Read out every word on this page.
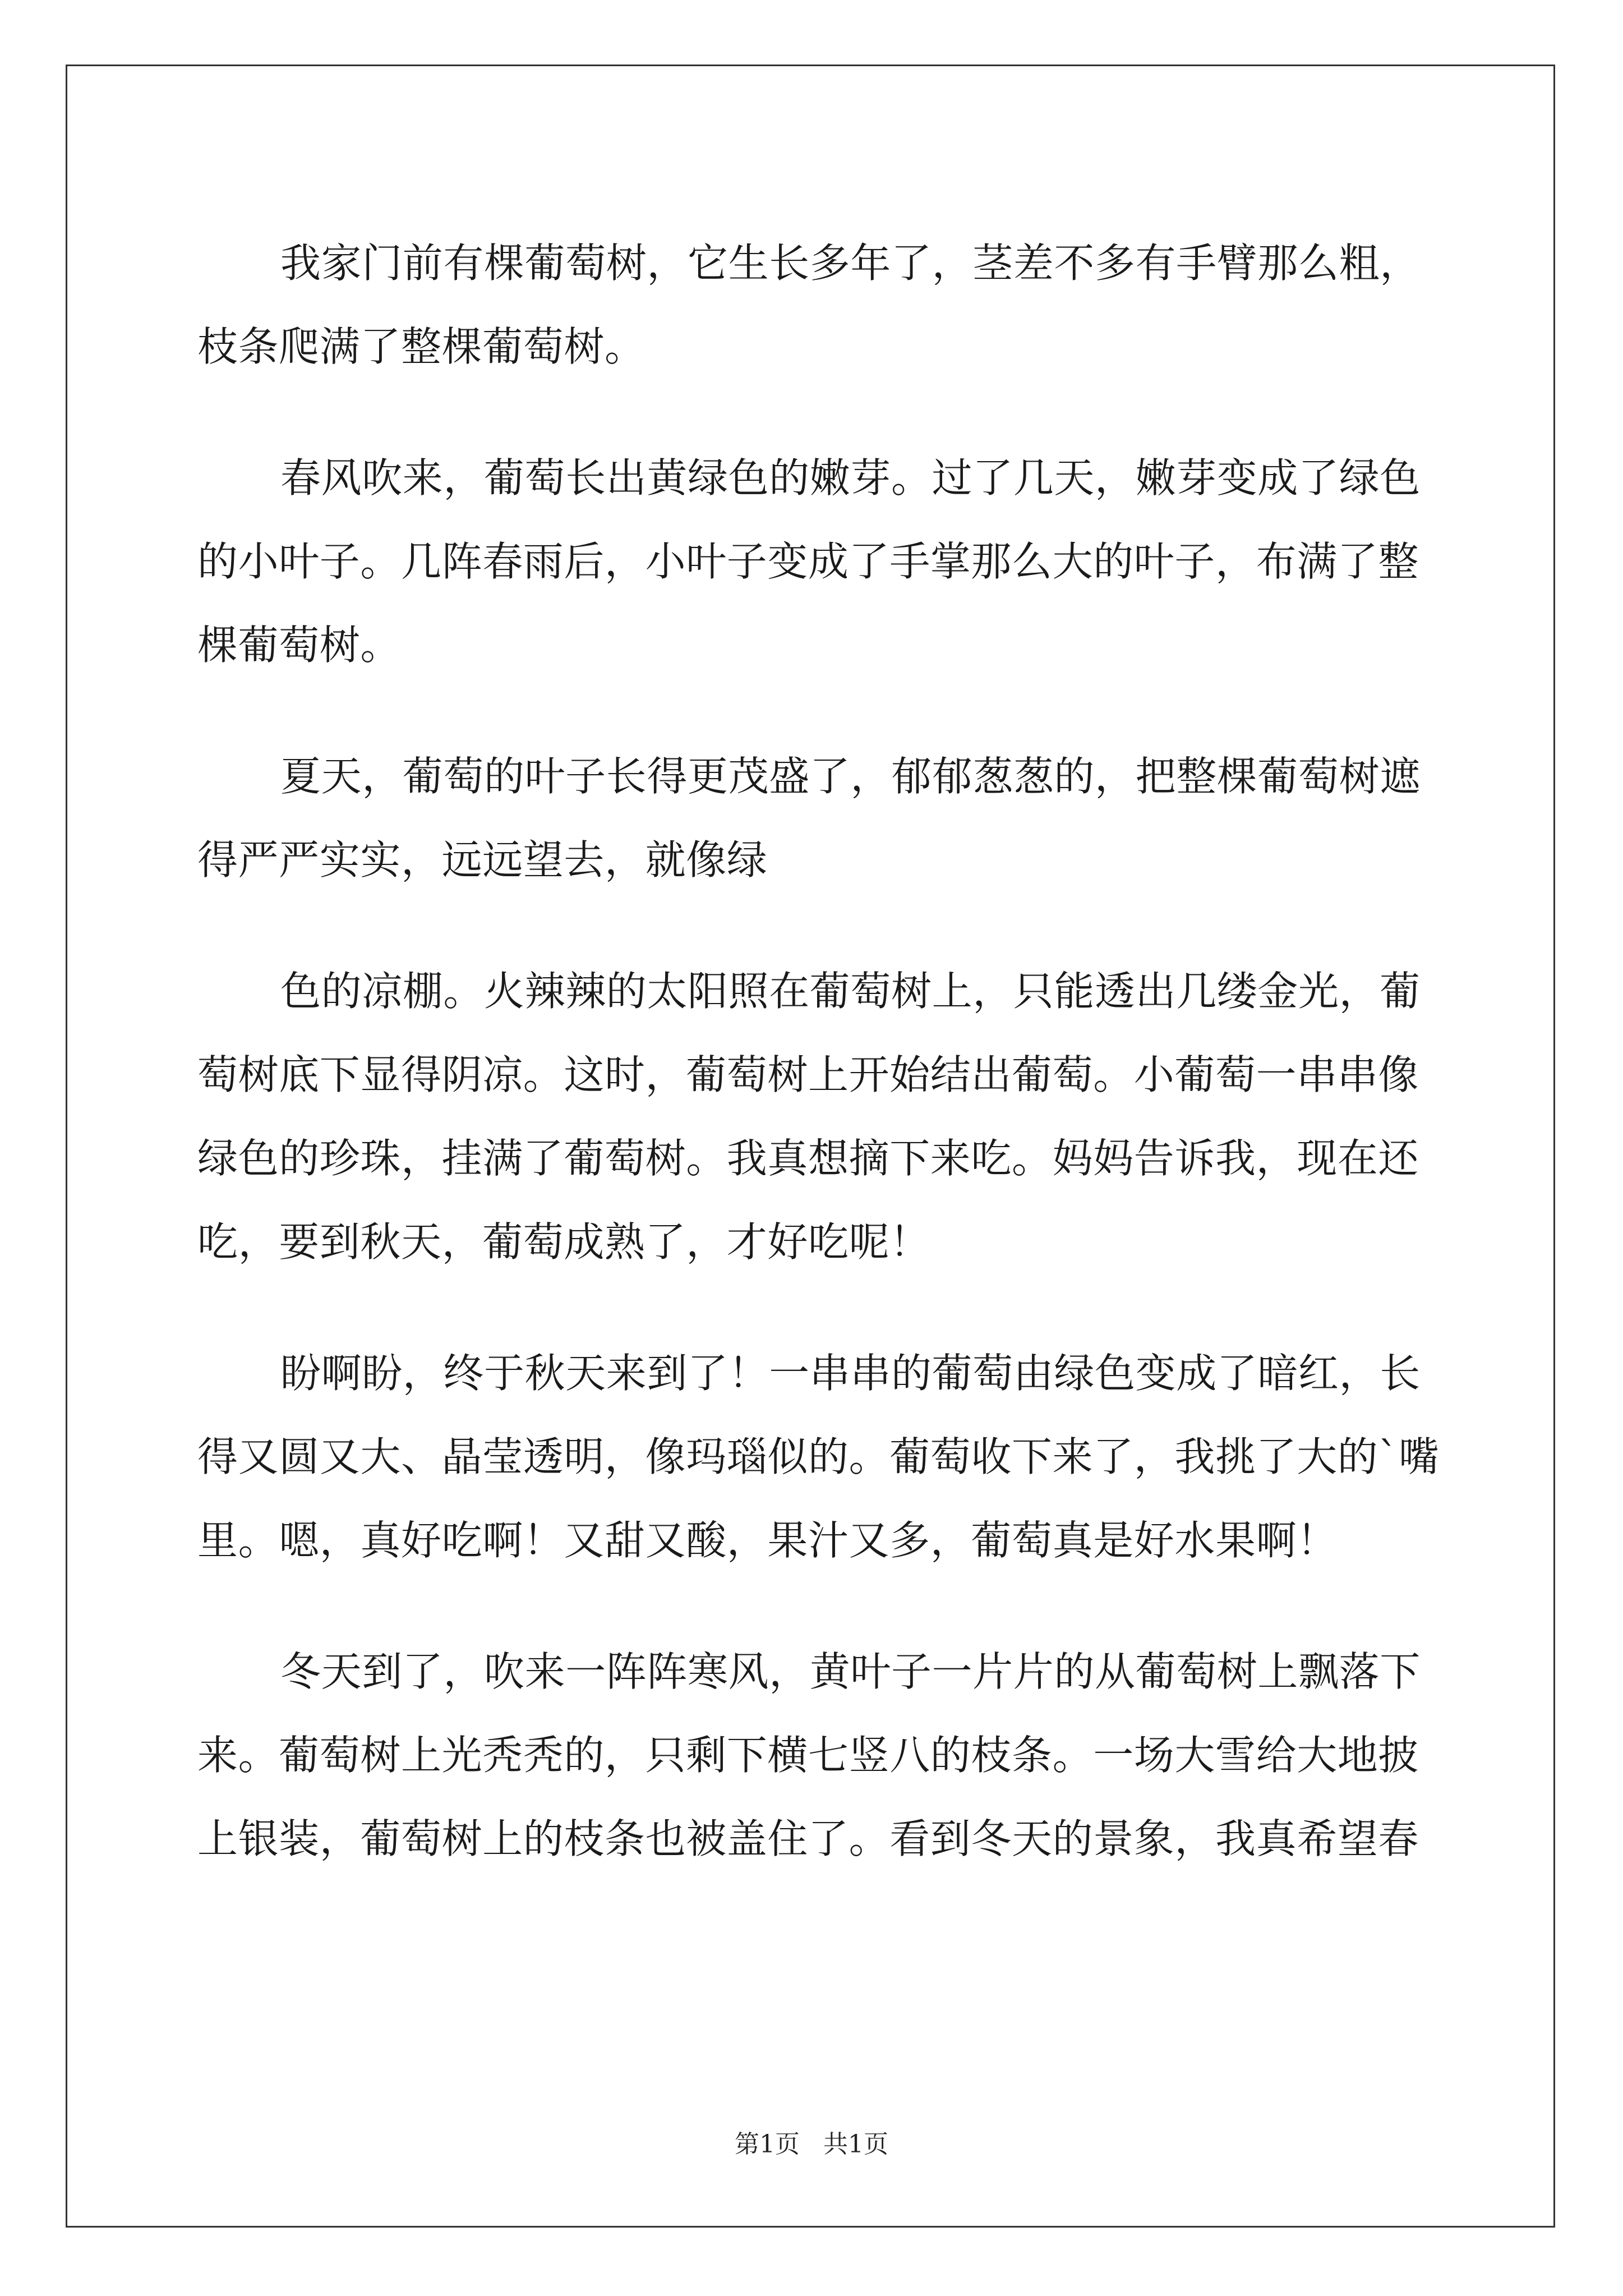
我家门前有棵葡萄树，它生长多年了，茎差不多有手臂那么粗，
枝条爬满了整棵葡萄树。
春风吹来，葡萄长出黄绿色的嫩芽。过了几天，嫩芽变成了绿色
的小叶子。几阵春雨后，小叶子变成了手掌那么大的叶子，布满了整
棵葡萄树。
夏天，葡萄的叶子长得更茂盛了，郁郁葱葱的，把整棵葡萄树遮
得严严实实，远远望去，就像绿
色的凉棚。火辣辣的太阳照在葡萄树上，只能透出几缕金光，葡
萄树底下显得阴凉。这时，葡萄树上开始结出葡萄。小葡萄一串串像
绿色的珍珠，挂满了葡萄树。我真想摘下来吃。妈妈告诉我，现在还
吃，要到秋天，葡萄成熟了，才好吃呢！
盼啊盼，终于秋天来到了！一串串的葡萄由绿色变成了暗红，长
得又圆又大、晶莹透明，像玛瑙似的。葡萄收下来了，我挑了大的`嘴
里。嗯，真好吃啊！又甜又酸，果汁又多，葡萄真是好水果啊！
冬天到了，吹来一阵阵寒风，黄叶子一片片的从葡萄树上飘落下
来。葡萄树上光秃秃的，只剩下横七竖八的枝条。一场大雪给大地披
上银装，葡萄树上的枝条也被盖住了。看到冬天的景象，我真希望春
第1页   共1页
